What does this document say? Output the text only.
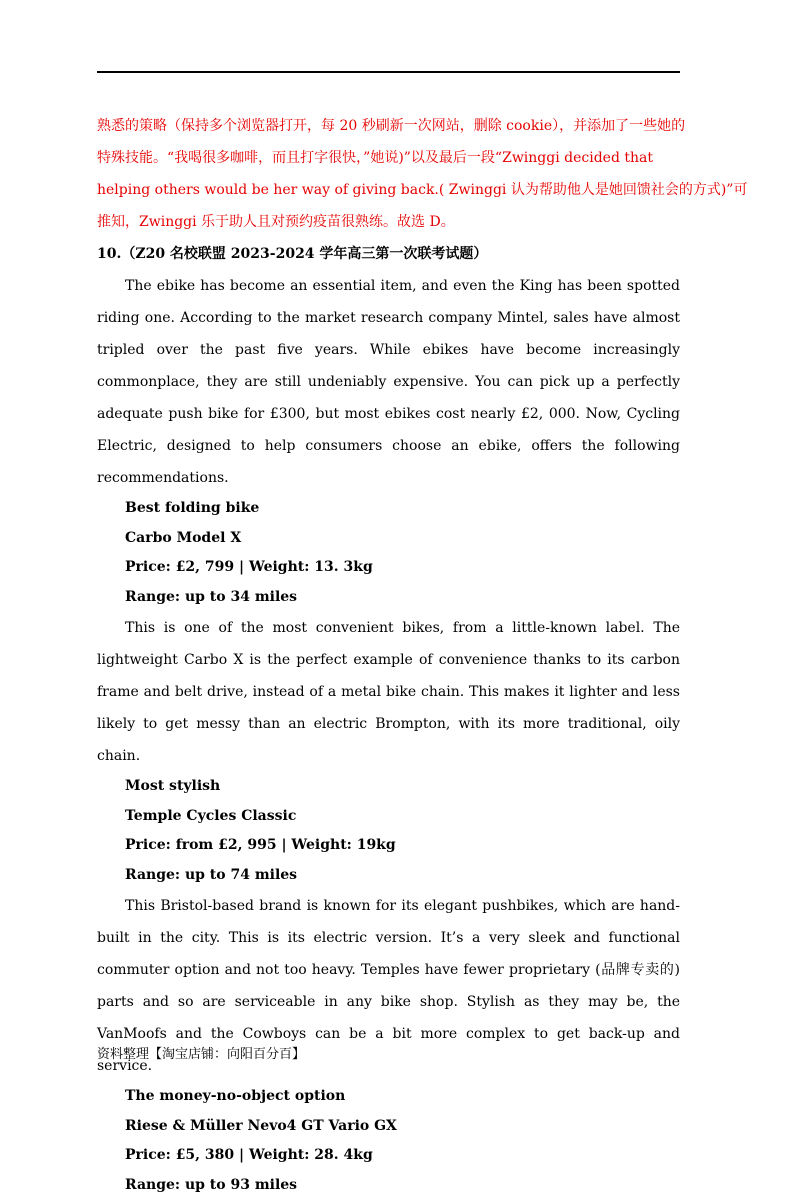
熟悉的策略（保持多个浏览器打开，每 20 秒刷新一次网站，删除 cookie），并添加了一些她的

特殊技能。“我喝很多咖啡，而且打字很快，”她说)”以及最后一段“Zwinggi decided that

helping others would be her way of giving back.( Zwinggi 认为帮助他人是她回馈社会的方式)”可

推知，Zwinggi 乐于助人且对预约疫苗很熟练。故选 D。

10.（Z20 名校联盟 2023-2024 学年高三第一次联考试题）

The ebike has become an essential item, and even the King has been spotted riding one. According to the market research company Mintel, sales have almost tripled over the past five years. While ebikes have become increasingly commonplace, they are still undeniably expensive. You can pick up a perfectly adequate push bike for £300, but most ebikes cost nearly £2, 000. Now, Cycling Electric, designed to help consumers choose an ebike, offers the following recommendations.

Best folding bike

Carbo Model X

Price: £2, 799 | Weight: 13. 3kg

Range: up to 34 miles

This is one of the most convenient bikes, from a little-known label. The lightweight Carbo X is the perfect example of convenience thanks to its carbon frame and belt drive, instead of a metal bike chain. This makes it lighter and less likely to get messy than an electric Brompton, with its more traditional, oily chain.

Most stylish

Temple Cycles Classic

Price: from £2, 995 | Weight: 19kg

Range: up to 74 miles

This Bristol-based brand is known for its elegant pushbikes, which are hand-built in the city. This is its electric version. It’s a very sleek and functional commuter option and not too heavy. Temples have fewer proprietary (品牌专卖的) parts and so are serviceable in any bike shop. Stylish as they may be, the VanMoofs and the Cowboys can be a bit more complex to get back-up and service.

The money-no-object option

Riese & Müller Nevo4 GT Vario GX

Price: £5, 380 | Weight: 28. 4kg

Range: up to 93 miles

资料整理【淘宝店铺：向阳百分百】
